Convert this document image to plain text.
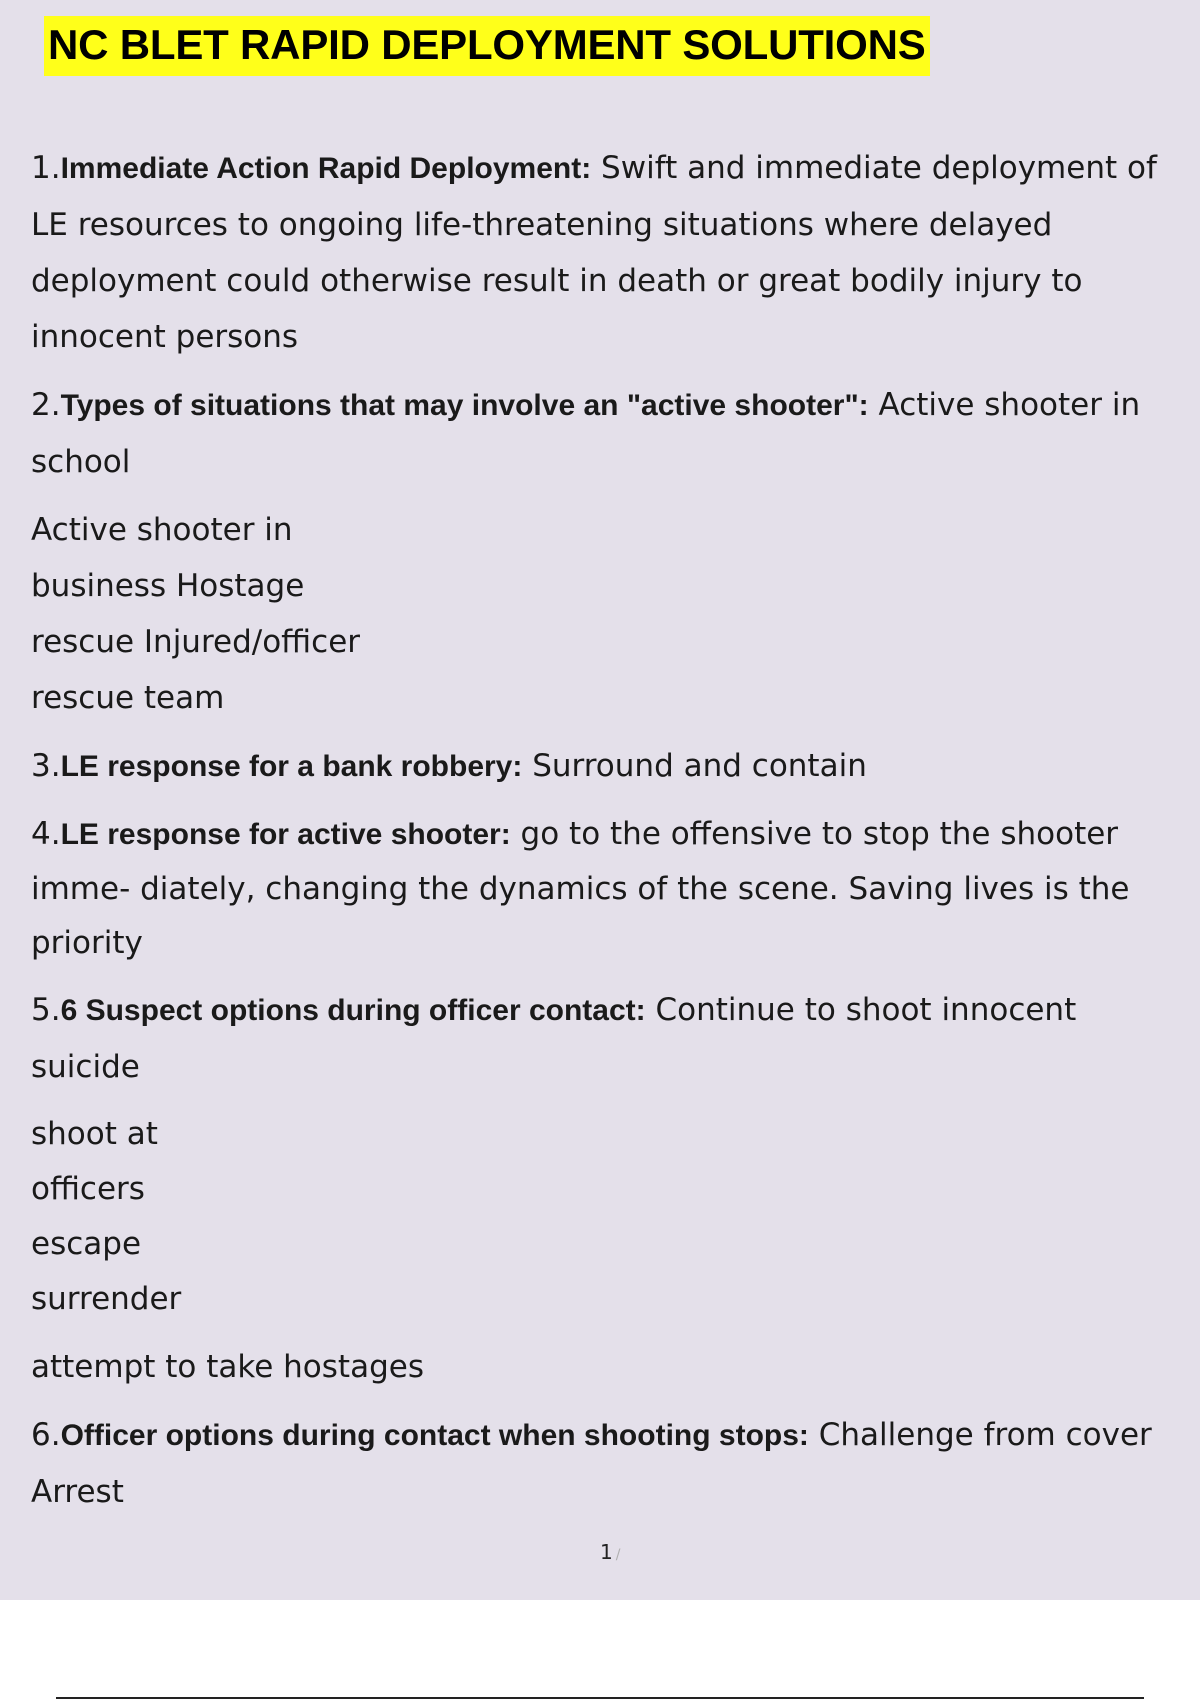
NC BLET RAPID DEPLOYMENT SOLUTIONS

1.Immediate Action Rapid Deployment: Swift and immediate deployment of LE resources to ongoing life-threatening situations where delayed deployment could otherwise result in death or great bodily injury to innocent persons

2.Types of situations that may involve an "active shooter": Active shooter in school

Active shooter in

business Hostage

rescue Injured/officer

rescue team

3.LE response for a bank robbery: Surround and contain

4.LE response for active shooter: go to the offensive to stop the shooter imme- diately, changing the dynamics of the scene. Saving lives is the priority

5.6 Suspect options during officer contact: Continue to shoot innocent suicide

shoot at

officers

escape

surrender

attempt to take hostages

6.Officer options during contact when shooting stops: Challenge from cover Arrest

1 /
